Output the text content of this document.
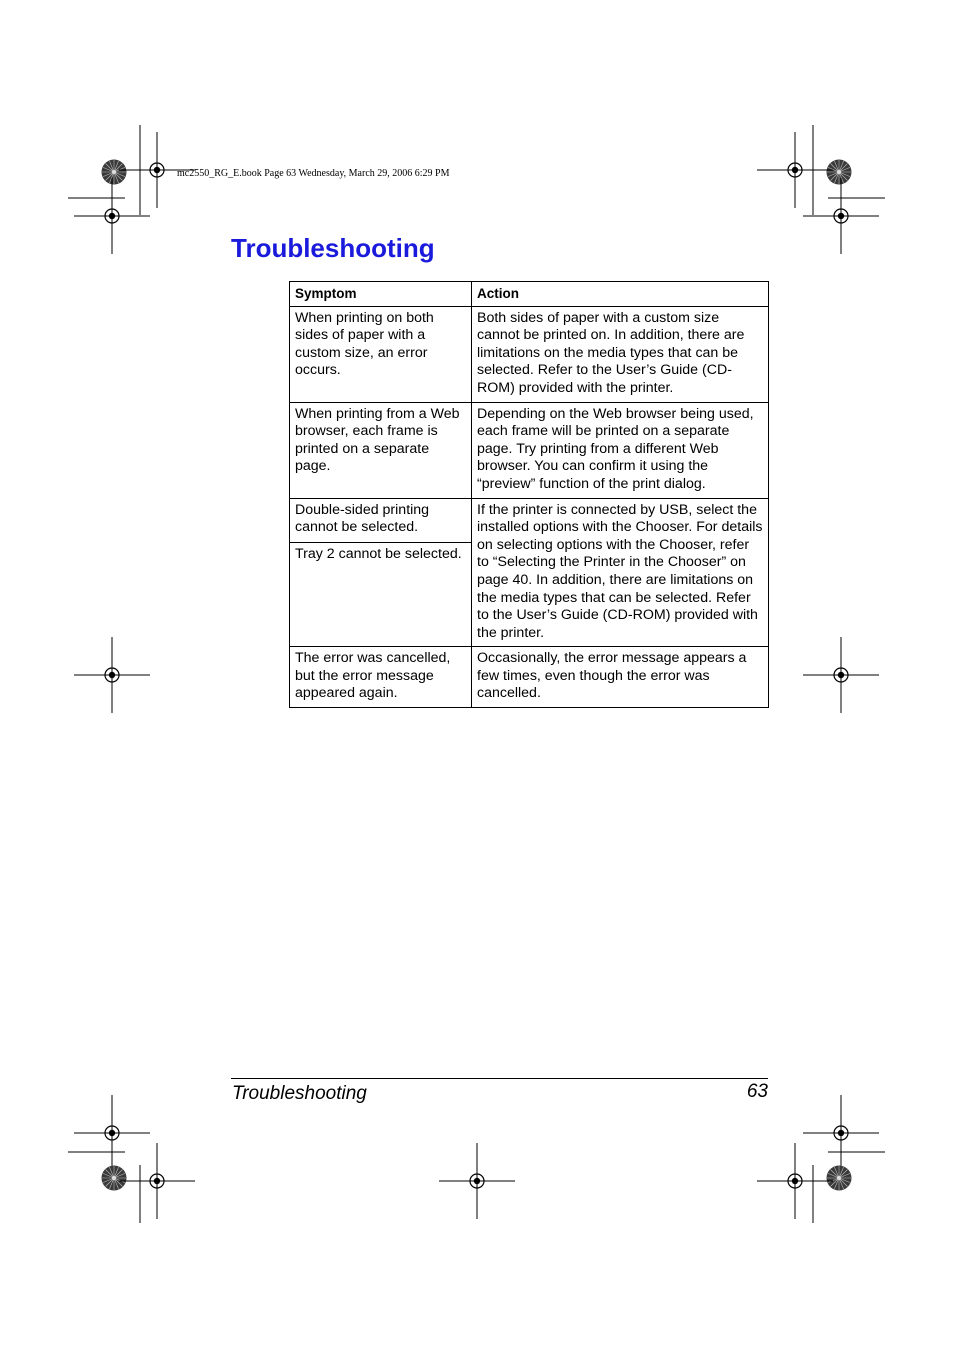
mc2550_RG_E.book Page 63 Wednesday, March 29, 2006 6:29 PM
Troubleshooting
Symptom	Action
When printing on both sides of paper with a custom size, an error occurs.	Both sides of paper with a custom size cannot be printed on. In addition, there are limitations on the media types that can be selected. Refer to the User’s Guide (CD-ROM) provided with the printer.
When printing from a Web browser, each frame is printed on a separate page.	Depending on the Web browser being used, each frame will be printed on a separate page. Try printing from a different Web browser. You can confirm it using the “preview” function of the print dialog.
Double-sided printing cannot be selected.	If the printer is connected by USB, select the installed options with the Chooser. For details on selecting options with the Chooser, refer to “Selecting the Printer in the Chooser” on page 40. In addition, there are limitations on the media types that can be selected. Refer to the User’s Guide (CD-ROM) provided with the printer.
Tray 2 cannot be selected.	
The error was cancelled, but the error message appeared again.	Occasionally, the error message appears a few times, even though the error was cancelled.
Troubleshooting	63
